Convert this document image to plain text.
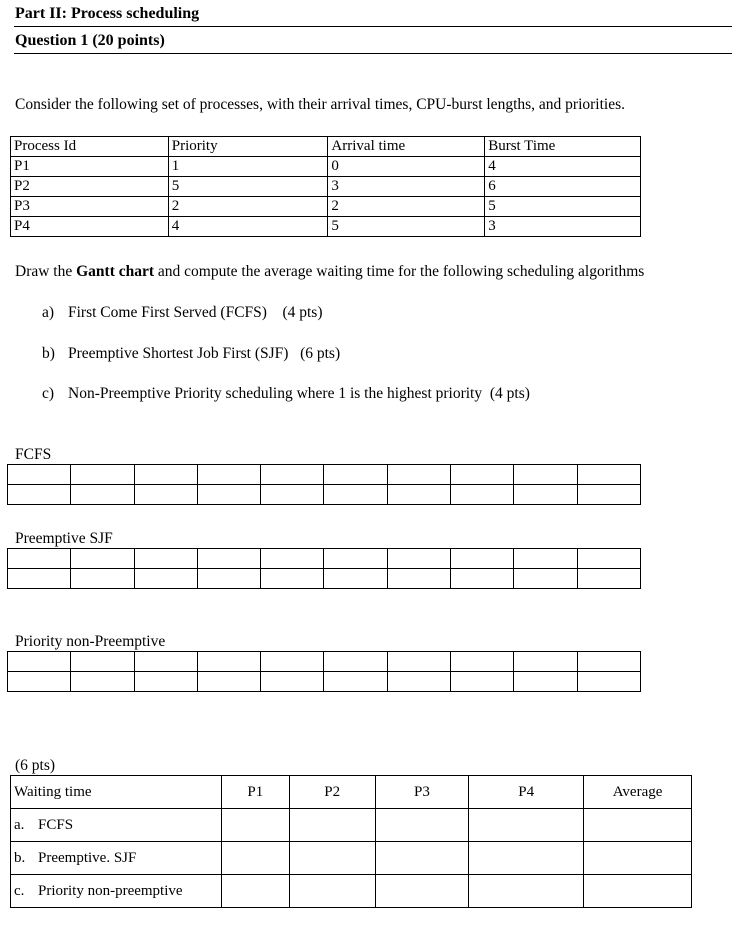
Part II: Process scheduling
Question 1 (20 points)
Consider the following set of processes, with their arrival times, CPU-burst lengths, and priorities.
Process Id	Priority	Arrival time	Burst Time
P1	1	0	4
P2	5	3	6
P3	2	2	5
P4	4	5	3
Draw the Gantt chart and compute the average waiting time for the following scheduling algorithms
a) First Come First Served (FCFS)    (4 pts)
b) Preemptive Shortest Job First (SJF)   (6 pts)
c) Non-Preemptive Priority scheduling where 1 is the highest priority  (4 pts)
FCFS

Preemptive SJF

Priority non-Preemptive

(6 pts)
Waiting time	P1	P2	P3	P4	Average
a. FCFS					
b. Preemptive. SJF					
c. Priority non-preemptive					
